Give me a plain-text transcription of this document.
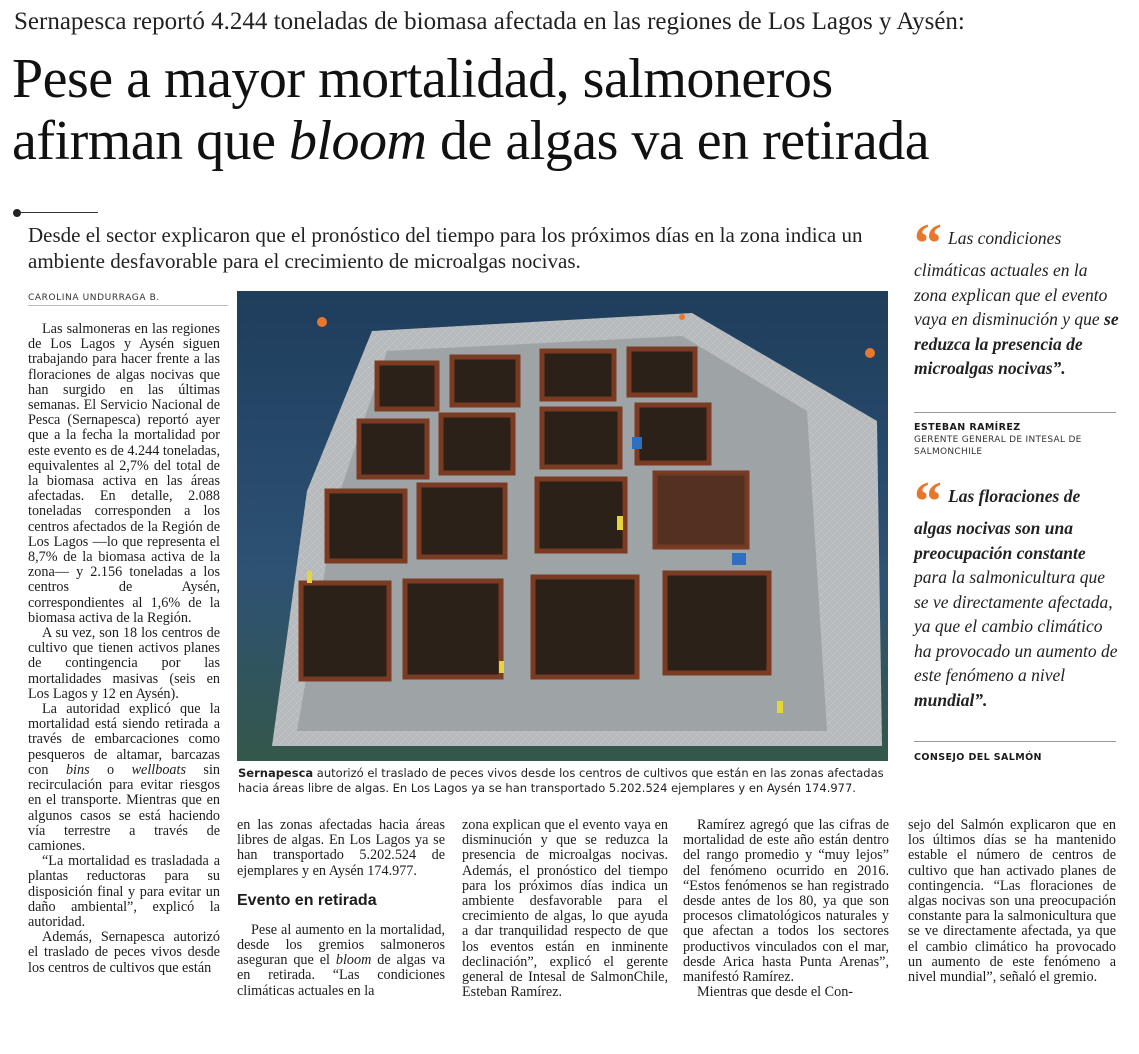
Sernapesca reportó 4.244 toneladas de biomasa afectada en las regiones de Los Lagos y Aysén:
Pese a mayor mortalidad, salmoneros
afirman que bloom de algas va en retirada
Desde el sector explicaron que el pronóstico del tiempo para los próximos días en la zona indica un ambiente desfavorable para el crecimiento de microalgas nocivas.
CAROLINA UNDURRAGA B.

Las salmoneras en las regiones de Los Lagos y Aysén siguen trabajando para hacer frente a las floraciones de algas nocivas que han surgido en las últimas semanas. El Servicio Nacional de Pesca (Sernapesca) reportó ayer que a la fecha la mortalidad por este evento es de 4.244 toneladas, equivalentes al 2,7% del total de la biomasa activa en las áreas afectadas. En detalle, 2.088 toneladas corresponden a los centros afectados de la Región de Los Lagos —lo que representa el 8,7% de la biomasa activa de la zona— y 2.156 toneladas a los centros de Aysén, correspondientes al 1,6% de la biomasa activa de la Región.

A su vez, son 18 los centros de cultivo que tienen activos planes de contingencia por las mortalidades masivas (seis en Los Lagos y 12 en Aysén).

La autoridad explicó que la mortalidad está siendo retirada a través de embarcaciones como pesqueros de altamar, barcazas con bins o wellboats sin recirculación para evitar riesgos en el transporte. Mientras que en algunos casos se está haciendo vía terrestre a través de camiones.

“La mortalidad es trasladada a plantas reductoras para su disposición final y para evitar un daño ambiental”, explicó la autoridad.

Además, Sernapesca autorizó el traslado de peces vivos desde los centros de cultivos que están

Sernapesca autorizó el traslado de peces vivos desde los centros de cultivos que están en las zonas afectadas hacia áreas libre de algas. En Los Lagos ya se han transportado 5.202.524 ejemplares y en Aysén 174.977.

en las zonas afectadas hacia áreas libres de algas. En Los Lagos ya se han transportado 5.202.524 de ejemplares y en Aysén 174.977.

Evento en retirada

Pese al aumento en la mortalidad, desde los gremios salmoneros aseguran que el bloom de algas va en retirada. “Las condiciones climáticas actuales en la

zona explican que el evento vaya en disminución y que se reduzca la presencia de microalgas nocivas. Además, el pronóstico del tiempo para los próximos días indica un ambiente desfavorable para el crecimiento de algas, lo que ayuda a dar tranquilidad respecto de que los eventos están en inminente declinación”, explicó el gerente general de Intesal de SalmonChile, Esteban Ramírez.

Ramírez agregó que las cifras de mortalidad de este año están dentro del rango promedio y “muy lejos” del fenómeno ocurrido en 2016. “Estos fenómenos se han registrado desde antes de los 80, ya que son procesos climatológicos naturales y que afectan a todos los sectores productivos vinculados con el mar, desde Arica hasta Punta Arenas”, manifestó Ramírez.

Mientras que desde el Con-

sejo del Salmón explicaron que en los últimos días se ha mantenido estable el número de centros de cultivo que han activado planes de contingencia. “Las floraciones de algas nocivas son una preocupación constante para la salmonicultura que se ve directamente afectada, ya que el cambio climático ha provocado un aumento de este fenómeno a nivel mundial”, señaló el gremio.

“ Las condiciones climáticas actuales en la zona explican que el evento vaya en disminución y que se reduzca la presencia de microalgas nocivas”.
ESTEBAN RAMÍREZ
GERENTE GENERAL DE INTESAL DE SALMONCHILE
“ Las floraciones de algas nocivas son una preocupación constante para la salmonicultura que se ve directamente afectada, ya que el cambio climático ha provocado un aumento de este fenómeno a nivel mundial”.
CONSEJO DEL SALMÓN
